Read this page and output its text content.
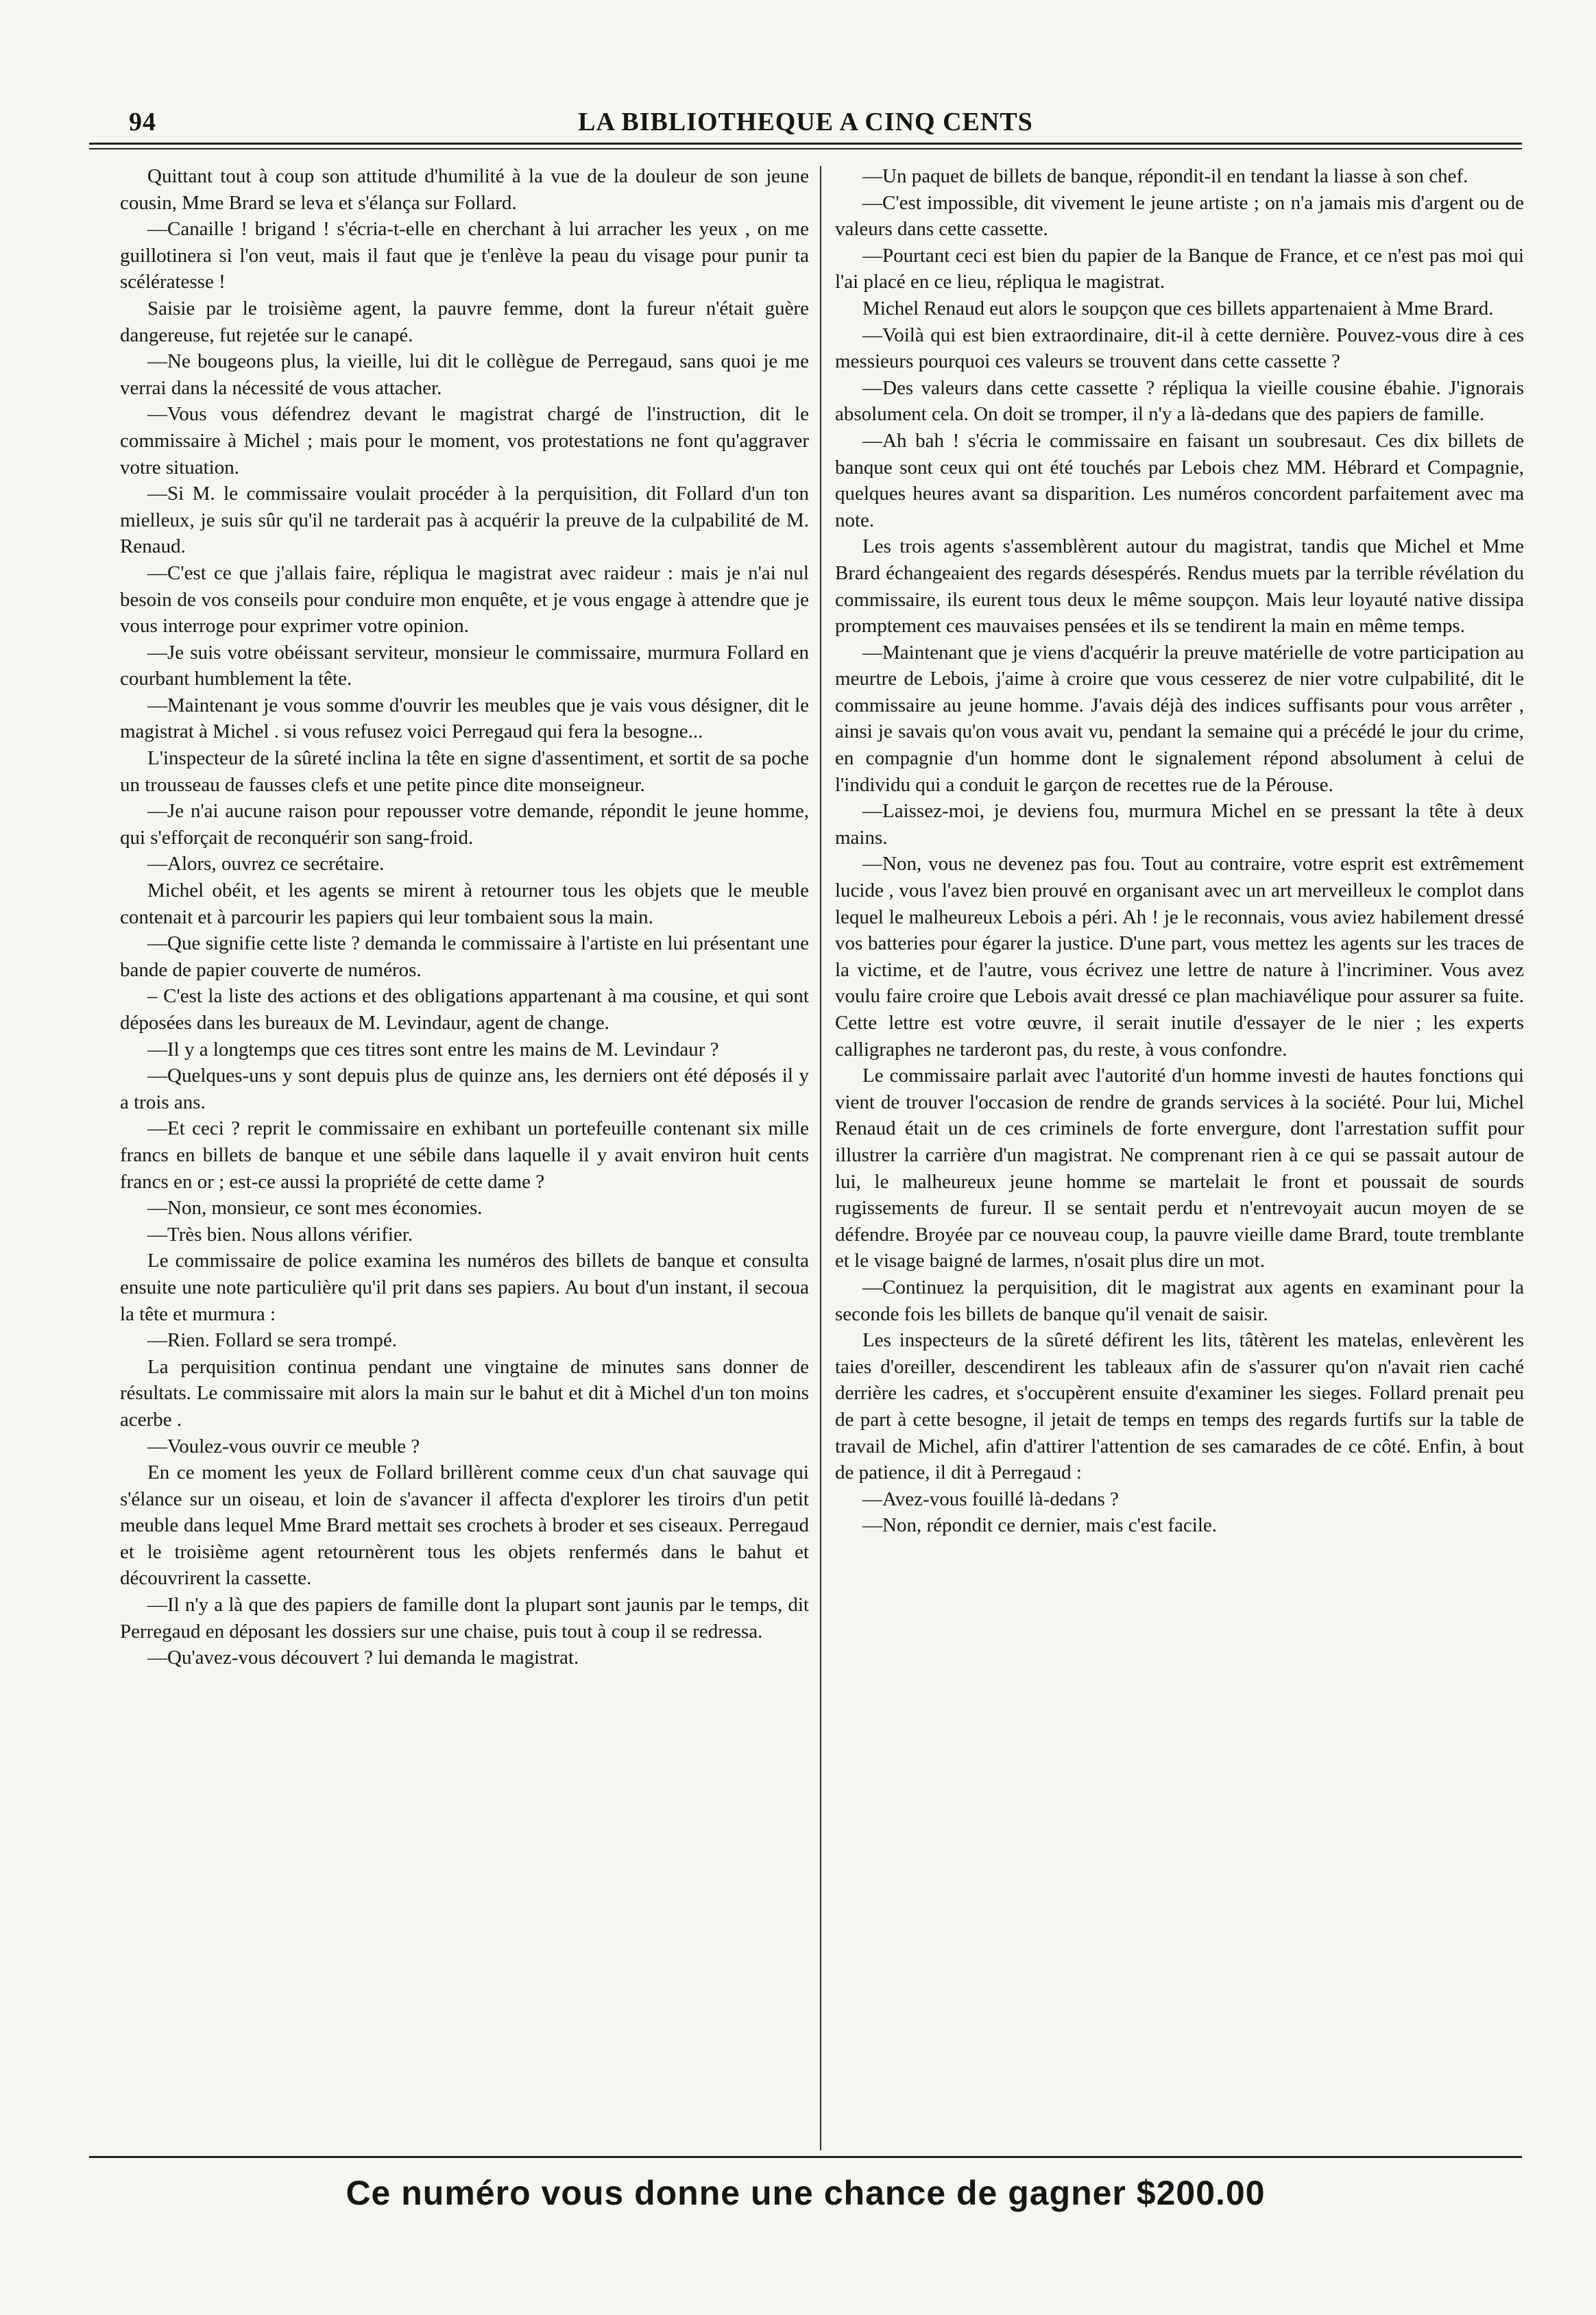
94	LA BIBLIOTHEQUE A CINQ CENTS

Quittant tout à coup son attitude d'humilité à la vue de la douleur de son jeune cousin, Mme Brard se leva et s'élança sur Follard.

—Canaille ! brigand ! s'écria-t-elle en cherchant à lui arracher les yeux , on me guillotinera si l'on veut, mais il faut que je t'enlève la peau du visage pour punir ta scélératesse !

Saisie par le troisième agent, la pauvre femme, dont la fureur n'était guère dangereuse, fut rejetée sur le canapé.

—Ne bougeons plus, la vieille, lui dit le collègue de Perregaud, sans quoi je me verrai dans la nécessité de vous attacher.

—Vous vous défendrez devant le magistrat chargé de l'instruction, dit le commissaire à Michel ; mais pour le moment, vos protestations ne font qu'aggraver votre situation.

—Si M. le commissaire voulait procéder à la perquisition, dit Follard d'un ton mielleux, je suis sûr qu'il ne tarderait pas à acquérir la preuve de la culpabilité de M. Renaud.

—C'est ce que j'allais faire, répliqua le magistrat avec raideur : mais je n'ai nul besoin de vos conseils pour conduire mon enquête, et je vous engage à attendre que je vous interroge pour exprimer votre opinion.

—Je suis votre obéissant serviteur, monsieur le commissaire, murmura Follard en courbant humblement la tête.

—Maintenant je vous somme d'ouvrir les meubles que je vais vous désigner, dit le magistrat à Michel . si vous refusez voici Perregaud qui fera la besogne...

L'inspecteur de la sûreté inclina la tête en signe d'assentiment, et sortit de sa poche un trousseau de fausses clefs et une petite pince dite monseigneur.

—Je n'ai aucune raison pour repousser votre demande, répondit le jeune homme, qui s'efforçait de reconquérir son sang-froid.

—Alors, ouvrez ce secrétaire.

Michel obéit, et les agents se mirent à retourner tous les objets que le meuble contenait et à parcourir les papiers qui leur tombaient sous la main.

—Que signifie cette liste ? demanda le commissaire à l'artiste en lui présentant une bande de papier couverte de numéros.

– C'est la liste des actions et des obligations appartenant à ma cousine, et qui sont déposées dans les bureaux de M. Levindaur, agent de change.

—Il y a longtemps que ces titres sont entre les mains de M. Levindaur ?

—Quelques-uns y sont depuis plus de quinze ans, les derniers ont été déposés il y a trois ans.

—Et ceci ? reprit le commissaire en exhibant un portefeuille contenant six mille francs en billets de banque et une sébile dans laquelle il y avait environ huit cents francs en or ; est-ce aussi la propriété de cette dame ?

—Non, monsieur, ce sont mes économies.

—Très bien. Nous allons vérifier.

Le commissaire de police examina les numéros des billets de banque et consulta ensuite une note particulière qu'il prit dans ses papiers. Au bout d'un instant, il secoua la tête et murmura :

—Rien. Follard se sera trompé.

La perquisition continua pendant une vingtaine de minutes sans donner de résultats. Le commissaire mit alors la main sur le bahut et dit à Michel d'un ton moins acerbe .

—Voulez-vous ouvrir ce meuble ?

En ce moment les yeux de Follard brillèrent comme ceux d'un chat sauvage qui s'élance sur un oiseau, et loin de s'avancer il affecta d'explorer les tiroirs d'un petit meuble dans lequel Mme Brard mettait ses crochets à broder et ses ciseaux. Perregaud et le troisième agent retournèrent tous les objets renfermés dans le bahut et découvrirent la cassette.

—Il n'y a là que des papiers de famille dont la plupart sont jaunis par le temps, dit Perregaud en déposant les dossiers sur une chaise, puis tout à coup il se redressa.

—Qu'avez-vous découvert ? lui demanda le magistrat.

—Un paquet de billets de banque, répondit-il en tendant la liasse à son chef.

—C'est impossible, dit vivement le jeune artiste ; on n'a jamais mis d'argent ou de valeurs dans cette cassette.

—Pourtant ceci est bien du papier de la Banque de France, et ce n'est pas moi qui l'ai placé en ce lieu, répliqua le magistrat.

Michel Renaud eut alors le soupçon que ces billets appartenaient à Mme Brard.

—Voilà qui est bien extraordinaire, dit-il à cette dernière. Pouvez-vous dire à ces messieurs pourquoi ces valeurs se trouvent dans cette cassette ?

—Des valeurs dans cette cassette ? répliqua la vieille cousine ébahie. J'ignorais absolument cela. On doit se tromper, il n'y a là-dedans que des papiers de famille.

—Ah bah ! s'écria le commissaire en faisant un soubresaut. Ces dix billets de banque sont ceux qui ont été touchés par Lebois chez MM. Hébrard et Compagnie, quelques heures avant sa disparition. Les numéros concordent parfaitement avec ma note.

Les trois agents s'assemblèrent autour du magistrat, tandis que Michel et Mme Brard échangeaient des regards désespérés. Rendus muets par la terrible révélation du commissaire, ils eurent tous deux le même soupçon. Mais leur loyauté native dissipa promptement ces mauvaises pensées et ils se tendirent la main en même temps.

—Maintenant que je viens d'acquérir la preuve matérielle de votre participation au meurtre de Lebois, j'aime à croire que vous cesserez de nier votre culpabilité, dit le commissaire au jeune homme. J'avais déjà des indices suffisants pour vous arrêter , ainsi je savais qu'on vous avait vu, pendant la semaine qui a précédé le jour du crime, en compagnie d'un homme dont le signalement répond absolument à celui de l'individu qui a conduit le garçon de recettes rue de la Pérouse.

—Laissez-moi, je deviens fou, murmura Michel en se pressant la tête à deux mains.

—Non, vous ne devenez pas fou. Tout au contraire, votre esprit est extrêmement lucide , vous l'avez bien prouvé en organisant avec un art merveilleux le complot dans lequel le malheureux Lebois a péri. Ah ! je le reconnais, vous aviez habilement dressé vos batteries pour égarer la justice. D'une part, vous mettez les agents sur les traces de la victime, et de l'autre, vous écrivez une lettre de nature à l'incriminer. Vous avez voulu faire croire que Lebois avait dressé ce plan machiavélique pour assurer sa fuite. Cette lettre est votre œuvre, il serait inutile d'essayer de le nier ; les experts calligraphes ne tarderont pas, du reste, à vous confondre.

Le commissaire parlait avec l'autorité d'un homme investi de hautes fonctions qui vient de trouver l'occasion de rendre de grands services à la société. Pour lui, Michel Renaud était un de ces criminels de forte envergure, dont l'arrestation suffit pour illustrer la carrière d'un magistrat. Ne comprenant rien à ce qui se passait autour de lui, le malheureux jeune homme se martelait le front et poussait de sourds rugissements de fureur. Il se sentait perdu et n'entrevoyait aucun moyen de se défendre. Broyée par ce nouveau coup, la pauvre vieille dame Brard, toute tremblante et le visage baigné de larmes, n'osait plus dire un mot.

—Continuez la perquisition, dit le magistrat aux agents en examinant pour la seconde fois les billets de banque qu'il venait de saisir.

Les inspecteurs de la sûreté défirent les lits, tâtèrent les matelas, enlevèrent les taies d'oreiller, descendirent les tableaux afin de s'assurer qu'on n'avait rien caché derrière les cadres, et s'occupèrent ensuite d'examiner les sieges. Follard prenait peu de part à cette besogne, il jetait de temps en temps des regards furtifs sur la table de travail de Michel, afin d'attirer l'attention de ses camarades de ce côté. Enfin, à bout de patience, il dit à Perregaud :

—Avez-vous fouillé là-dedans ?

—Non, répondit ce dernier, mais c'est facile.

Ce numéro vous donne une chance de gagner $200.00
